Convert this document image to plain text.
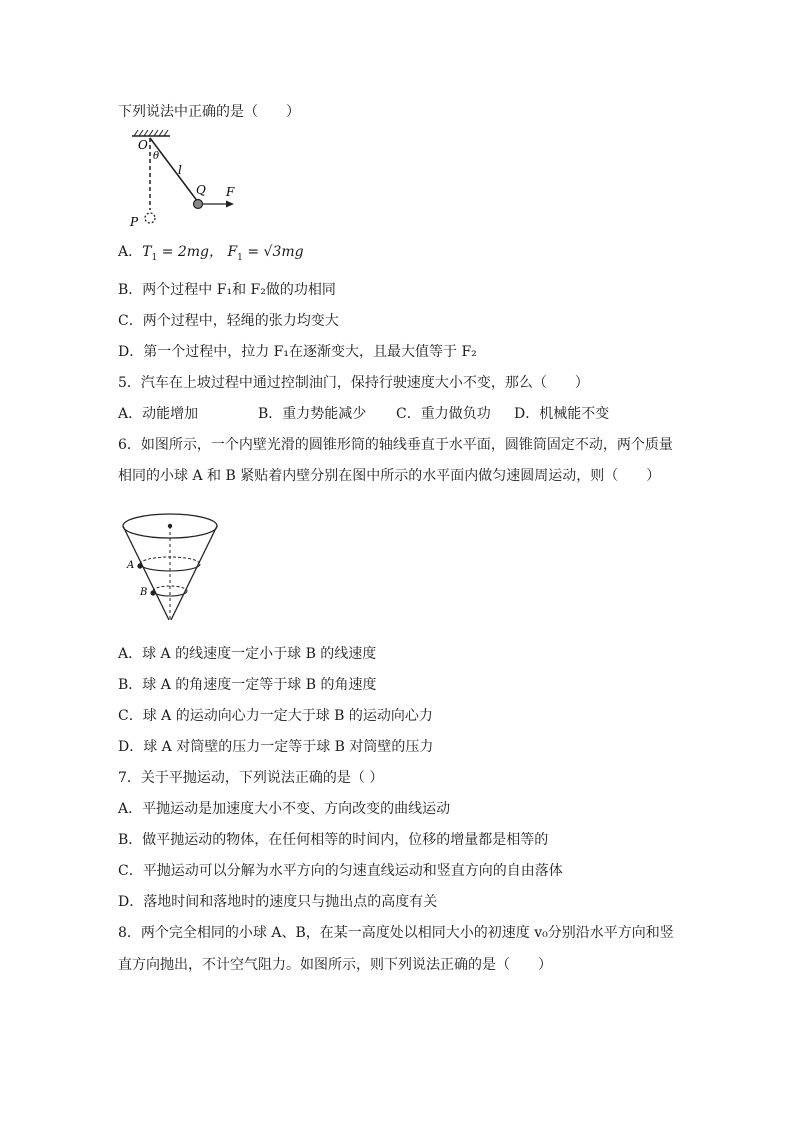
下列说法中正确的是（　　）
O
θ
l
Q F
P
A．$T_1 = 2mg$， $F_1 = √3mg$
B．两个过程中 F₁和 F₂做的功相同
C．两个过程中，轻绳的张力均变大
D．第一个过程中，拉力 F₁在逐渐变大，且最大值等于 F₂
5．汽车在上坡过程中通过控制油门，保持行驶速度大小不变，那么（　　）
A．动能增加	B．重力势能减少 C．重力做负功 D．机械能不变
6．如图所示，一个内壁光滑的圆锥形筒的轴线垂直于水平面，圆锥筒固定不动，两个质量
相同的小球 A 和 B 紧贴着内壁分别在图中所示的水平面内做匀速圆周运动，则（　　）
A
B
A．球 A 的线速度一定小于球 B 的线速度
B．球 A 的角速度一定等于球 B 的角速度
C．球 A 的运动向心力一定大于球 B 的运动向心力
D．球 A 对筒壁的压力一定等于球 B 对筒壁的压力
7．关于平抛运动，下列说法正确的是（ ）
A．平抛运动是加速度大小不变、方向改变的曲线运动
B．做平抛运动的物体，在任何相等的时间内，位移的增量都是相等的
C．平抛运动可以分解为水平方向的匀速直线运动和竖直方向的自由落体
D．落地时间和落地时的速度只与抛出点的高度有关
8．两个完全相同的小球 A、B，在某一高度处以相同大小的初速度 v₀分别沿水平方向和竖
直方向抛出，不计空气阻力。如图所示，则下列说法正确的是（　　）
